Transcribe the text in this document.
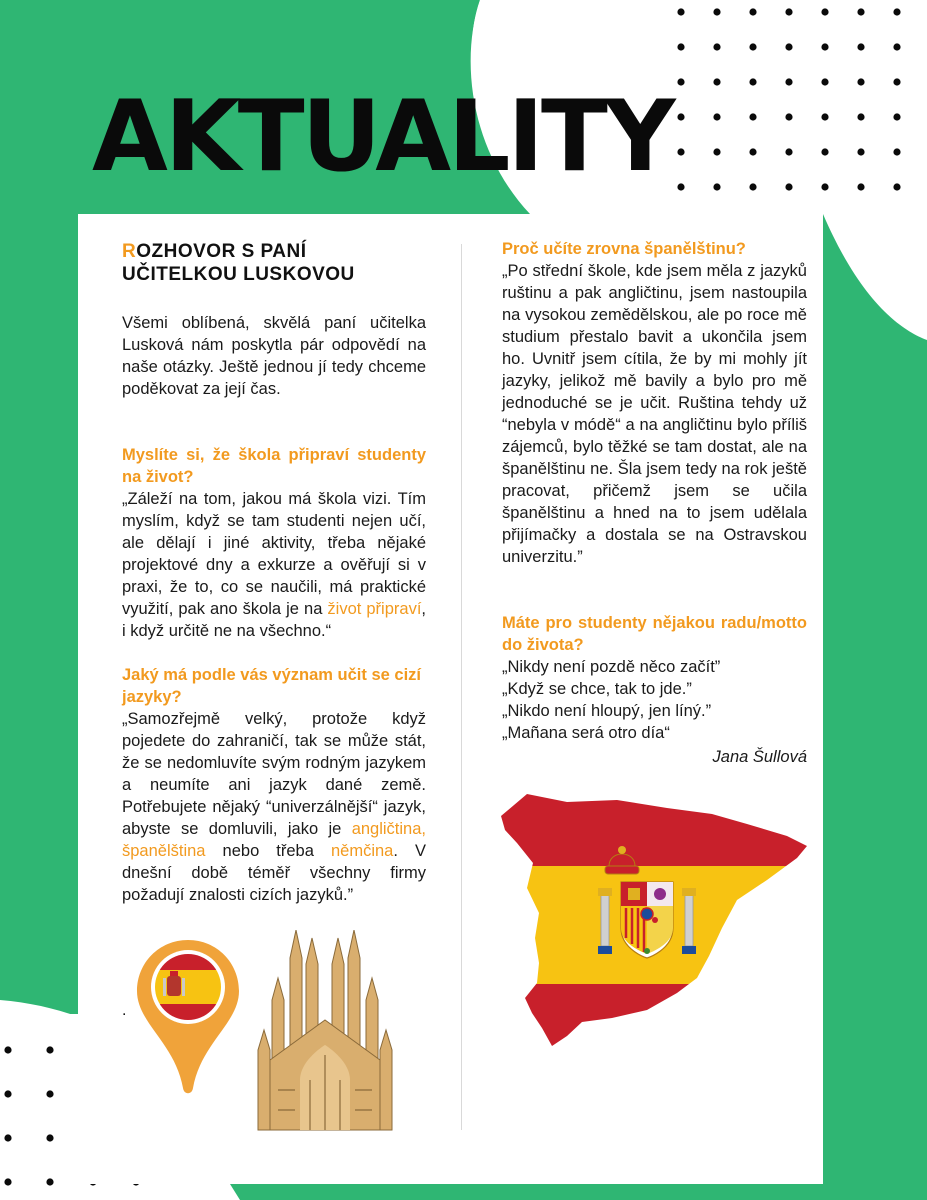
AKTUALITY
ROZHOVOR S PANÍ UČITELKOU LUSKOVOU

Všemi oblíbená, skvělá paní učitelka Lusková nám poskytla pár odpovědí na naše otázky. Ještě jednou jí tedy chceme poděkovat za její čas.

Myslíte si, že škola připraví studenty na život?

„Záleží na tom, jakou má škola vizi. Tím myslím, když se tam studenti nejen učí, ale dělají i jiné aktivity, třeba nějaké projektové dny a exkurze a ověřují si v praxi, že to, co se naučili, má praktické využití, pak ano škola je na život připraví, i když určitě ne na všechno.“

Jaký má podle vás význam učit se cizí jazyky?

„Samozřejmě velký, protože když pojedete do zahraničí, tak se může stát, že se nedomluvíte svým rodným jazykem a neumíte ani jazyk dané země. Potřebujete nějaký “univerzálnější“ jazyk, abyste se domluvili, jako je angličtina, španělština nebo třeba němčina. V dnešní době téměř všechny firmy požadují znalosti cizích jazyků.”

.

Proč učíte zrovna španělštinu?

„Po střední škole, kde jsem měla z jazyků ruštinu a pak angličtinu, jsem nastoupila na vysokou zemědělskou, ale po roce mě studium přestalo bavit a ukončila jsem ho. Uvnitř jsem cítila, že by mi mohly jít jazyky, jelikož mě bavily a bylo pro mě jednoduché se je učit. Ruština tehdy už “nebyla v módě“ a na angličtinu bylo příliš zájemců, bylo těžké se tam dostat, ale na španělštinu ne. Šla jsem tedy na rok ještě pracovat, přičemž jsem se učila španělštinu a hned na to jsem udělala přijímačky a dostala se na Ostravskou univerzitu.”

Máte pro studenty nějakou radu/motto do života?

„Nikdy není pozdě něco začít”

„Když se chce, tak to jde.”

„Nikdo není hloupý, jen líný.”

„Mañana será otro día“

Jana Šullová
